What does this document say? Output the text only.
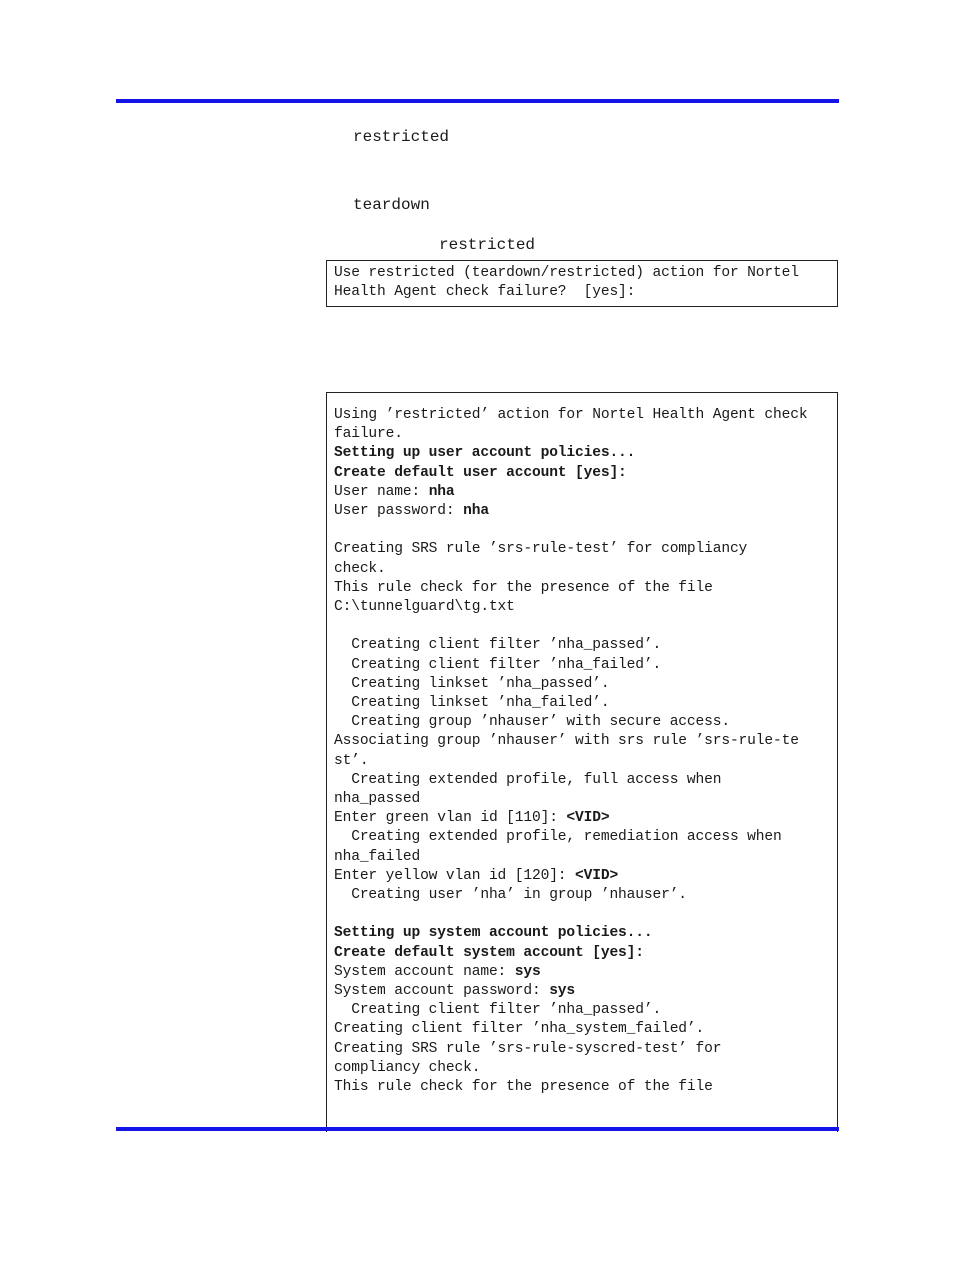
restricted
teardown
restricted
Use restricted (teardown/restricted) action for Nortel
Health Agent check failure?  [yes]:
Using ’restricted’ action for Nortel Health Agent check
failure.
Setting up user account policies...
Create default user account [yes]:
User name: nha
User password: nha
Creating SRS rule ’srs-rule-test’ for compliancy
check.
This rule check for the presence of the file
C:\tunnelguard\tg.txt
Creating client filter ’nha_passed’.
Creating client filter ’nha_failed’.
Creating linkset ’nha_passed’.
Creating linkset ’nha_failed’.
Creating group ’nhauser’ with secure access.
Associating group ’nhauser’ with srs rule ’srs-rule-te
st’.
Creating extended profile, full access when
nha_passed
Enter green vlan id [110]: <VID>
Creating extended profile, remediation access when
nha_failed
Enter yellow vlan id [120]: <VID>
Creating user ’nha’ in group ’nhauser’.
Setting up system account policies...
Create default system account [yes]:
System account name: sys
System account password: sys
Creating client filter ’nha_passed’.
Creating client filter ’nha_system_failed’.
Creating SRS rule ’srs-rule-syscred-test’ for
compliancy check.
This rule check for the presence of the file
